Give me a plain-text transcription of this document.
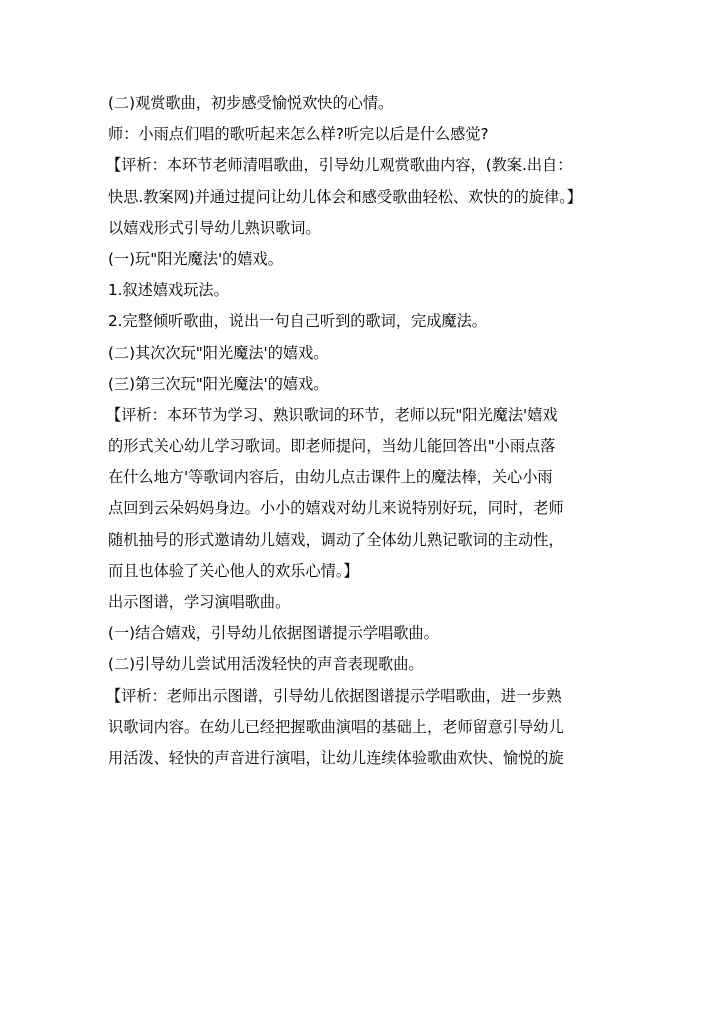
(二)观赏歌曲，初步感受愉悦欢快的心情。
师：小雨点们唱的歌听起来怎么样?听完以后是什么感觉?
【评析：本环节老师清唱歌曲，引导幼儿观赏歌曲内容，(教案.出自：
快思.教案网)并通过提问让幼儿体会和感受歌曲轻松、欢快的的旋律。】
以嬉戏形式引导幼儿熟识歌词。
(一)玩"阳光魔法'的嬉戏。
1.叙述嬉戏玩法。
2.完整倾听歌曲，说出一句自己听到的歌词，完成魔法。
(二)其次次玩"阳光魔法'的嬉戏。
(三)第三次玩"阳光魔法'的嬉戏。
【评析：本环节为学习、熟识歌词的环节，老师以玩"阳光魔法'嬉戏
的形式关心幼儿学习歌词。即老师提问，当幼儿能回答出"小雨点落
在什么地方'等歌词内容后，由幼儿点击课件上的魔法棒，关心小雨
点回到云朵妈妈身边。小小的嬉戏对幼儿来说特别好玩，同时，老师
随机抽号的形式邀请幼儿嬉戏，调动了全体幼儿熟记歌词的主动性，
而且也体验了关心他人的欢乐心情。】
出示图谱，学习演唱歌曲。
(一)结合嬉戏，引导幼儿依据图谱提示学唱歌曲。
(二)引导幼儿尝试用活泼轻快的声音表现歌曲。
【评析：老师出示图谱，引导幼儿依据图谱提示学唱歌曲，进一步熟
识歌词内容。在幼儿已经把握歌曲演唱的基础上，老师留意引导幼儿
用活泼、轻快的声音进行演唱，让幼儿连续体验歌曲欢快、愉悦的旋
